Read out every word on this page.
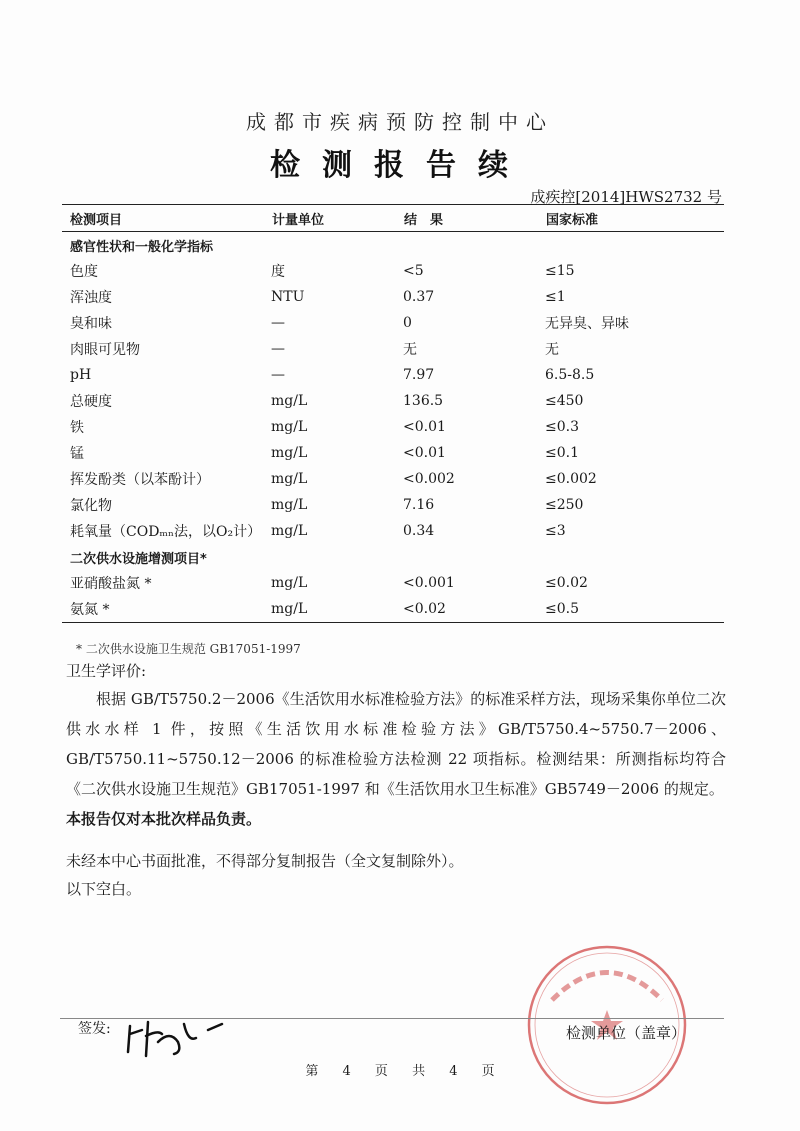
成都市疾病预防控制中心
检测报告续
成疾控[2014]HWS2732 号
检测项目	计量单位	结　果	国家标准
感官性状和一般化学指标			
色度	度	<5	≤15
浑浊度	NTU	0.37	≤1
臭和味	—	0	无异臭、异味
肉眼可见物	—	无	无
pH	—	7.97	6.5-8.5
总硬度	mg/L	136.5	≤450
铁	mg/L	<0.01	≤0.3
锰	mg/L	<0.01	≤0.1
挥发酚类（以苯酚计）	mg/L	<0.002	≤0.002
氯化物	mg/L	7.16	≤250
耗氧量（CODₘₙ法，以O₂计）	mg/L	0.34	≤3
二次供水设施增测项目*			
亚硝酸盐氮 *	mg/L	<0.001	≤0.02
氨氮 *	mg/L	<0.02	≤0.5
* 二次供水设施卫生规范 GB17051-1997
卫生学评价:
根据 GB/T5750.2－2006《生活饮用水标准检验方法》的标准采样方法，现场采集你单位二次供水水样 1 件，按照《生活饮用水标准检验方法》GB/T5750.4~5750.7－2006、GB/T5750.11~5750.12－2006 的标准检验方法检测 22 项指标。检测结果：所测指标均符合《二次供水设施卫生规范》GB17051-1997 和《生活饮用水卫生标准》GB5749－2006 的规定。
本报告仅对本批次样品负责。
未经本中心书面批准，不得部分复制报告（全文复制除外）。
以下空白。
签发:	检测单位（盖章）
第 4 页 共 4 页
